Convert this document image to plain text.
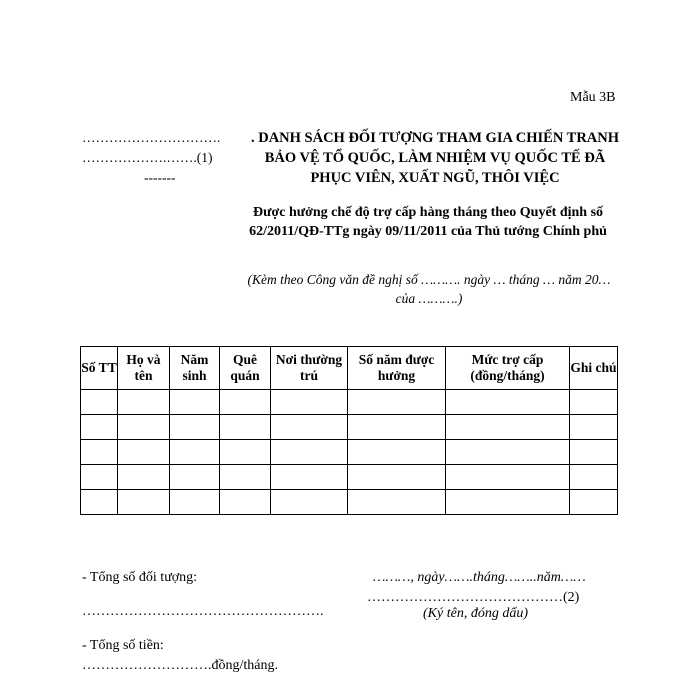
Mẫu 3B
………………………….
……………….…….(1)
-------
. DANH SÁCH ĐỐI TƯỢNG THAM GIA CHIẾN TRANH
BẢO VỆ TỔ QUỐC, LÀM NHIỆM VỤ QUỐC TẾ ĐÃ
PHỤC VIÊN, XUẤT NGŨ, THÔI VIỆC
Được hưởng chế độ trợ cấp hàng tháng theo Quyết định số 62/2011/QĐ-TTg ngày 09/11/2011 của Thủ tướng Chính phủ
(Kèm theo Công văn đề nghị số ………. ngày … tháng … năm 20… của ……….)
Số TT	Họ và tên	Năm sinh	Quê quán	Nơi thường trú	Số năm được hưởng	Mức trợ cấp (đồng/tháng)	Ghi chú

- Tổng số đối tượng:	………, ngày…….tháng……..năm……
……………………………………(2)
…………………………………………….	(Ký tên, đóng dấu)
- Tổng số tiền:
……………………….đồng/tháng.
